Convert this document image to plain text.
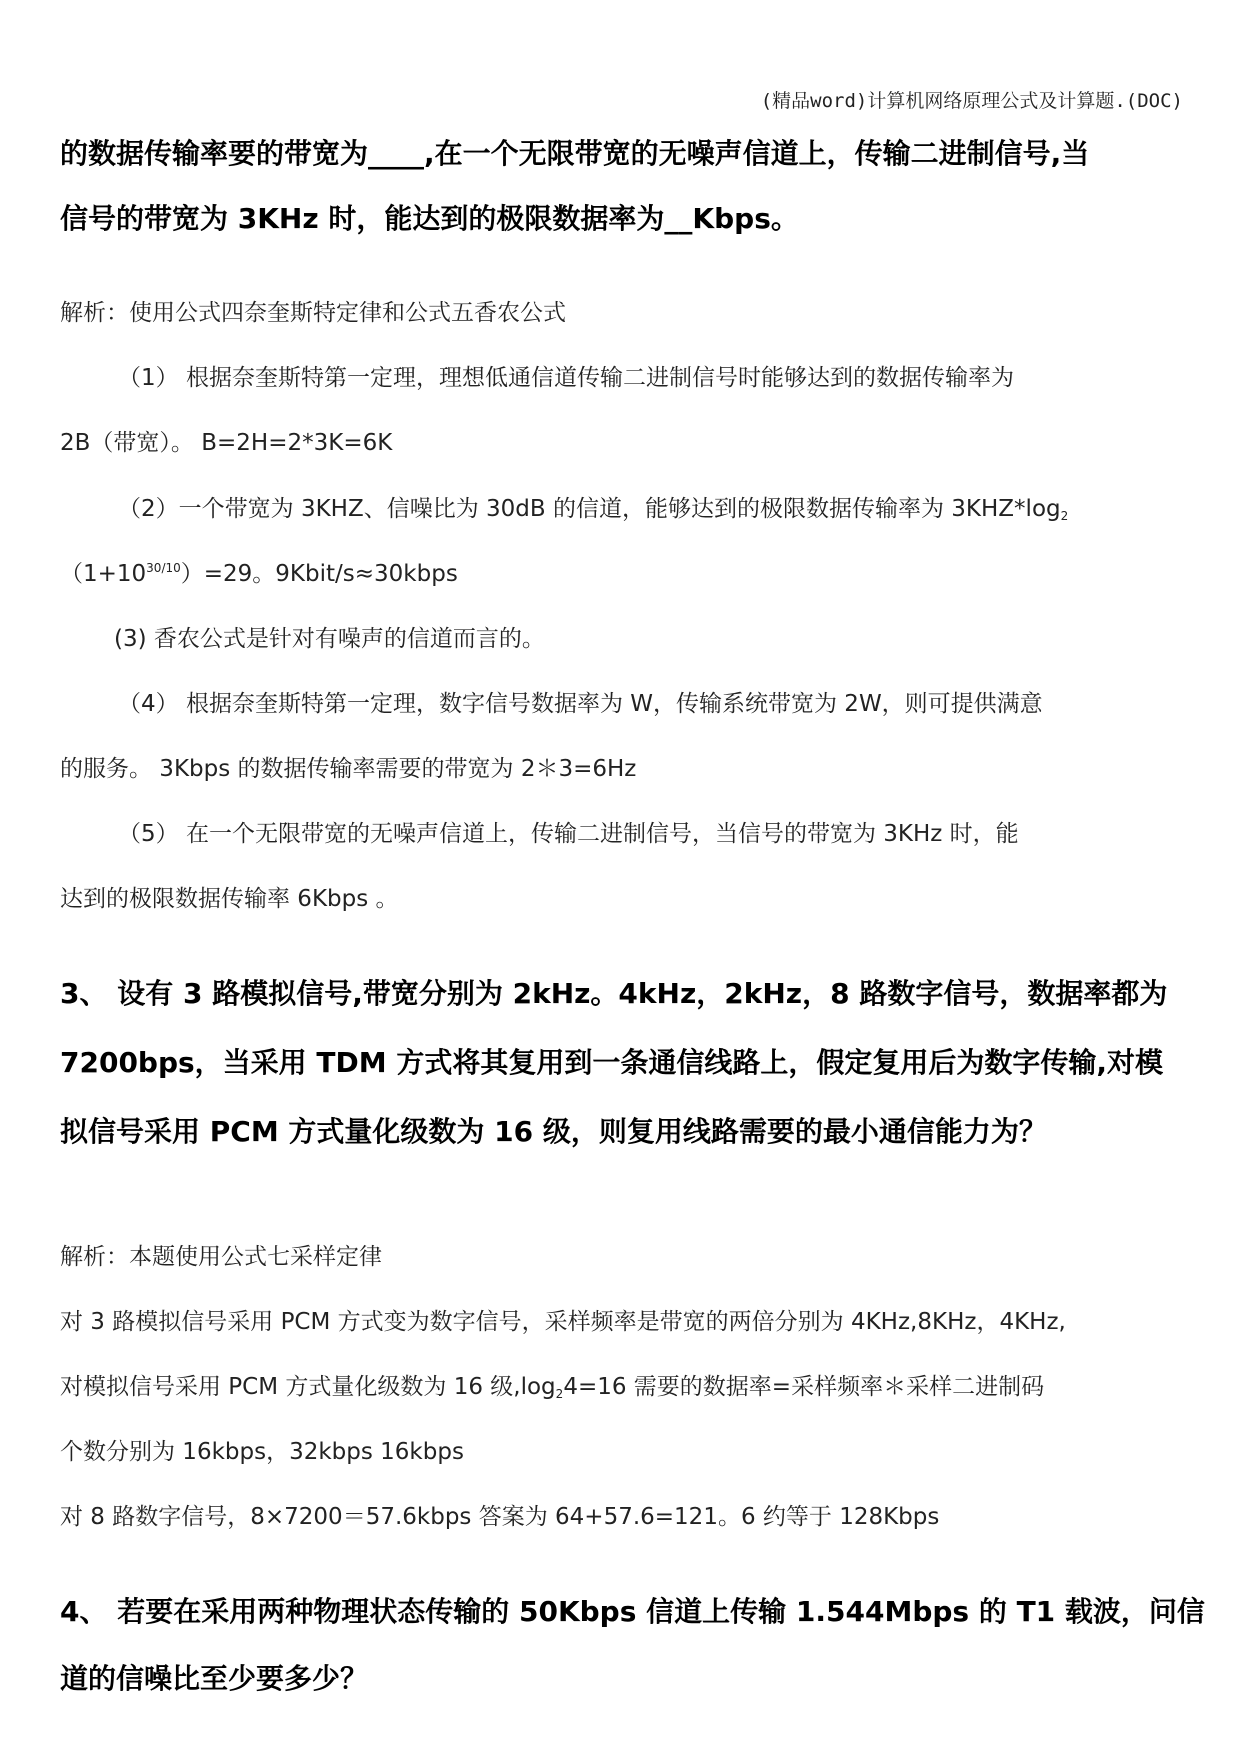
(精品word)计算机网络原理公式及计算题.(DOC)
的数据传输率要的带宽为____,在一个无限带宽的无噪声信道上，传输二进制信号,当
信号的带宽为 3KHz 时，能达到的极限数据率为__Kbps。
解析：使用公式四奈奎斯特定律和公式五香农公式
（1） 根据奈奎斯特第一定理，理想低通信道传输二进制信号时能够达到的数据传输率为
2B（带宽）。 B=2H=2*3K=6K
（2）一个带宽为 3KHZ、信噪比为 30dB 的信道，能够达到的极限数据传输率为 $3KHZ*\log_2$
$(1+10^{30/10})=29$。9Kbit/s≈30kbps
(3) 香农公式是针对有噪声的信道而言的。
（4） 根据奈奎斯特第一定理，数字信号数据率为 W，传输系统带宽为 2W，则可提供满意
的服务。 3Kbps 的数据传输率需要的带宽为 2＊3=6Hz
（5） 在一个无限带宽的无噪声信道上，传输二进制信号，当信号的带宽为 3KHz 时，能
达到的极限数据传输率 6Kbps 。
3、 设有 3 路模拟信号,带宽分别为 2kHz。4kHz，2kHz，8 路数字信号，数据率都为
7200bps，当采用 TDM 方式将其复用到一条通信线路上，假定复用后为数字传输,对模
拟信号采用 PCM 方式量化级数为 16 级，则复用线路需要的最小通信能力为？
解析：本题使用公式七采样定律
对 3 路模拟信号采用 PCM 方式变为数字信号，采样频率是带宽的两倍分别为 4KHz,8KHz，4KHz,
对模拟信号采用 PCM 方式量化级数为 16 级$,\log_24=16$ 需要的数据率=采样频率＊采样二进制码
个数分别为 16kbps，32kbps 16kbps
对 8 路数字信号，8×7200＝57.6kbps 答案为 64+57.6=121。6 约等于 128Kbps
4、 若要在采用两种物理状态传输的 50Kbps 信道上传输 1.544Mbps 的 T1 载波，问信
道的信噪比至少要多少？
